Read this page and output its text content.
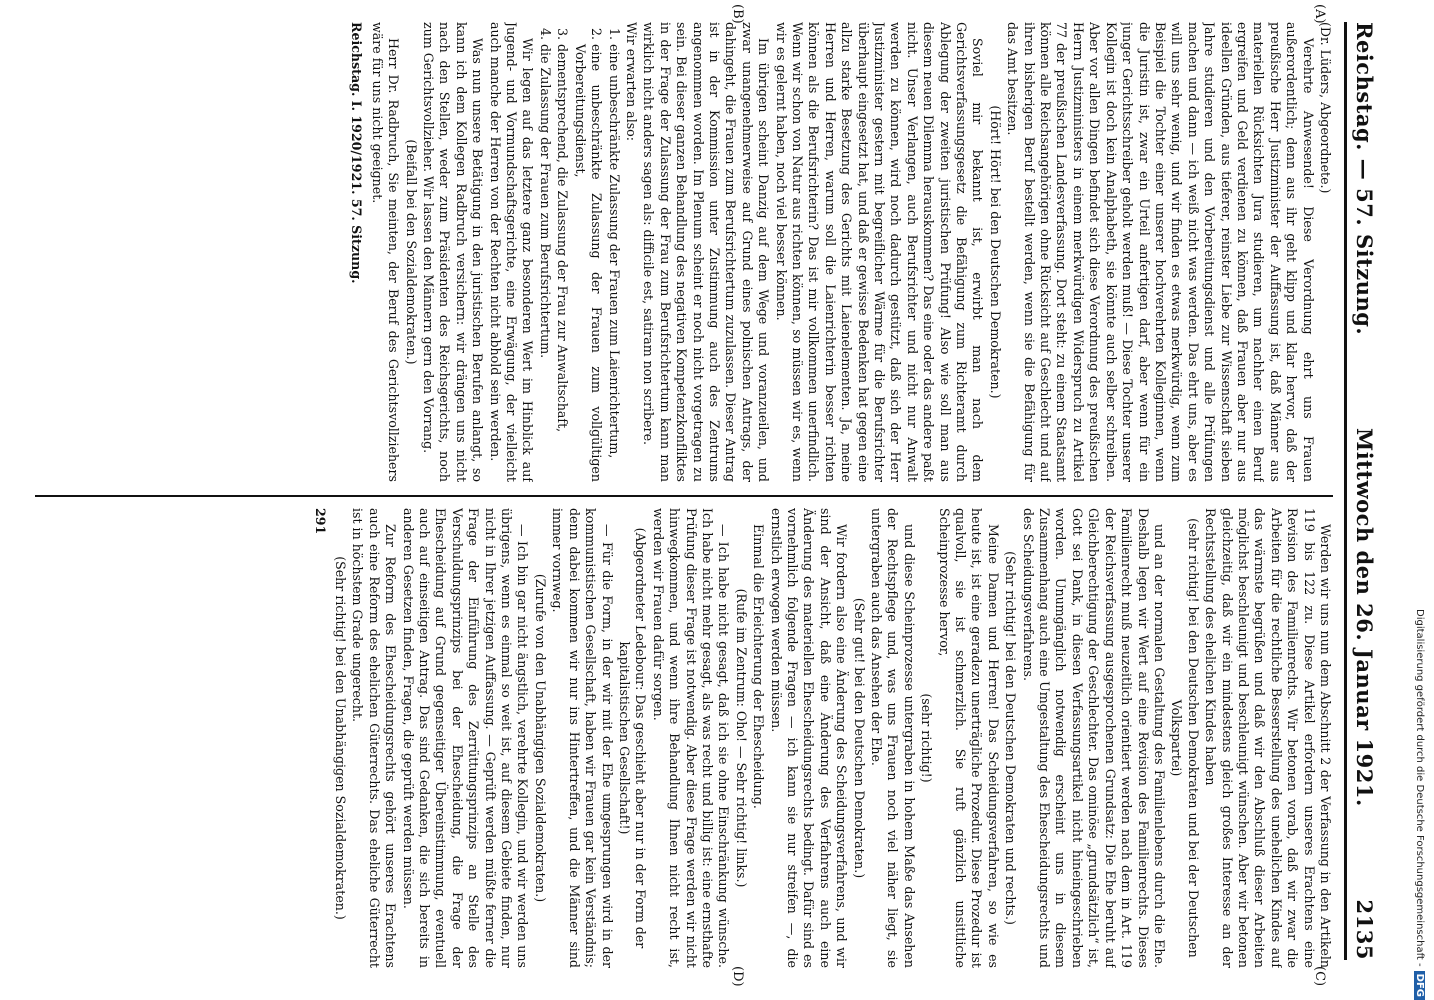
Digitalisierung gefördert durch die Deutsche Forschungsgemeinschaft -DFG
Reichstag. — 57. Sitzung.
Mittwoch den 26. Januar 1921.
2135
(A)
(B)
(C)
(D)

(Dr. Lüders, Abgeordnete.)

Verehrte Anwesende! Diese Verordnung ehrt uns Frauen außerordentlich; denn aus ihr geht klipp und klar hervor, daß der preußische Herr Justizminister der Auffassung ist, daß Männer aus materiellen Rücksichten Jura studieren, um nachher einen Beruf ergreifen und Geld verdienen zu können, daß Frauen aber nur aus ideellen Gründen, aus tieferer, reinster Liebe zur Wissenschaft sieben Jahre studieren und den Vorbereitungsdienst und alle Prüfungen machen und dann — ich weiß nicht was werden. Das ehrt uns, aber es will uns sehr wenig, und wir finden es etwas merkwürdig, wenn zum Beispiel die Tochter einer unserer hochverehrten Kolleginnen, wenn die Juristin ist, zwar ein Urteil anfertigen darf, aber wenn für ein junger Gerichtsschreiber geholt werden muß! — Diese Tochter unserer Kollegin ist doch kein Analphabeth, sie könnte auch selber schreiben. Aber vor allen Dingen befindet sich diese Verordnung des preußischen Herrn Justizministers in einem merkwürdigen Widerspruch zu Artikel 77 der preußischen Landesverfassung. Dort steht: zu einem Staatsamt können alle Reichsangehörigen ohne Rücksicht auf Geschlecht und auf ihren bisherigen Beruf bestellt werden, wenn sie die Befähigung für das Amt besitzen.

(Hört! Hört! bei den Deutschen Demokraten.)

Soviel mir bekannt ist, erwirbt man nach dem Gerichtsverfassungsgesetz die Befähigung zum Richteramt durch Ablegung der zweiten juristischen Prüfung! Also wie soll man aus diesem neuen Dilemma herauskommen? Das eine oder das andere paßt nicht. Unser Verlangen, auch Berufsrichter und nicht nur Anwalt werden zu können, wird noch dadurch gestützt, daß sich der Herr Justizminister gestern mit begreiflicher Wärme für die Berufsrichter überhaupt eingesetzt hat, und daß er gewisse Bedenken hat gegen eine allzu starke Besetzung des Gerichts mit Laienelementen. Ja, meine Herren und Herren, warum soll die Laienrichterin besser richten können als die Berufsrichterin? Das ist mir vollkommen unerfindlich. Wenn wir schon von Natur aus richten können, so müssen wir es, wenn wir es gelernt haben, noch viel besser können.

Im übrigen scheint Danzig auf dem Wege und voranzueilen, und zwar unangenehmerweise auf Grund eines polnischen Antrags, der dahingeht, die Frauen zum Berufsrichtertum zuzulassen. Dieser Antrag ist in der Kommission unter Zustimmung auch des Zentrums angenommen worden. Im Plenum scheint er noch nicht vorgetragen zu sein. Bei dieser ganzen Behandlung des negativen Kompetenzkonfliktes in der Frage der Zulassung der Frau zum Berufsrichtertum kann man wirklich nicht anders sagen als: difficile est, satiram non scribere.

Wir erwarten also:

1.
eine unbeschränkte Zulassung der Frauen zum Laienrichtertum,

2.
eine unbeschränkte Zulassung der Frauen zum vollgültigen Vorbereitungsdienst,

3.
dementsprechend, die Zulassung der Frau zur Anwaltschaft,

4.
die Zulassung der Frauen zum Berufsrichtertum.

Wir legen auf das letztere ganz besonderen Wert im Hinblick auf Jugend- und Vormundschaftsgerichte, eine Erwägung, der vielleicht auch manche der Herren von der Rechten nicht abhold sein werden.

Was nun unsere Betätigung in den juristischen Berufen anlangt, so kann ich dem Kollegen Radbruch versichern: wir drängen uns nicht nach den Stellen, weder zum Präsidenten des Reichsgerichts, noch zum Gerichtsvollzieher. Wir lassen den Männern gern den Vorrang.

(Beifall bei den Sozialdemokraten.)

Herr Dr. Radbruch, Sie meinten, der Beruf des Gerichtsvollziehers wäre für uns nicht geeignet.

Reichstag. I. 1920/1921. 57. Sitzung.

Werden wir uns nun dem Abschnitt 2 der Verfassung in den Artikeln 119 bis 122 zu. Diese Artikel erfordern unseres Erachtens eine Revision des Familienrechts. Wir betonen vorab, daß wir zwar die Arbeiten für die rechtliche Besserstellung des unehelichen Kindes auf das wärmste begrüßen und daß wir den Abschluß dieser Arbeiten möglichst beschleunigt und beschleunigt wünschen. Aber wir betonen gleichzeitig, daß wir ein mindestens gleich großes Interesse an der Rechtsstellung des ehelichen Kindes haben

(sehr richtig! bei den Deutschen Demokraten und bei der Deutschen Volkspartei)

und an der normalen Gestaltung des Familienlebens durch die Ehe. Deshalb legen wir Wert auf eine Revision des Familienrechts. Dieses Familienrecht muß neuzeitlich orientiert werden nach dem in Art. 119 der Reichsverfassung ausgesprochenen Grundsatz: Die Ehe beruht auf Gleichberechtigung der Geschlechter. Das ominöse „grundsätzlich“ ist, Gott sei Dank, in diesen Verfassungsartikel nicht hineingeschrieben worden. Unumgänglich notwendig erscheint uns in diesem Zusammenhang auch eine Umgestaltung des Ehescheidungsrechts und des Scheidungsverfahrens.

(Sehr richtig! bei den Deutschen Demokraten und rechts.)

Meine Damen und Herren! Das Scheidungsverfahren, so wie es heute ist, ist eine geradezu unerträgliche Prozedur. Diese Prozedur ist qualvoll, sie ist schmerzlich. Sie ruft gänzlich unsittliche Scheinprozesse hervor,

(sehr richtig!)

und diese Scheinprozesse untergraben in hohem Maße das Ansehen der Rechtspflege und, was uns Frauen noch viel näher liegt, sie untergraben auch das Ansehen der Ehe.

(Sehr gut! bei den Deutschen Demokraten.)

Wir fordern also eine Änderung des Scheidungsverfahrens, und wir sind der Ansicht, daß eine Änderung des Verfahrens auch eine Änderung des materiellen Ehescheidungsrechts bedingt. Dafür sind es vornehmlich folgende Fragen — ich kann sie nur streifen —, die ernstlich erwogen werden müssen.

Einmal die Erleichterung der Ehescheidung.

(Rufe im Zentrum: Oho! — Sehr richtig! links.)

— Ich habe nicht gesagt, daß ich sie ohne Einschränkung wünsche. Ich habe nicht mehr gesagt, als was recht und billig ist: eine ernsthafte Prüfung dieser Frage ist notwendig. Aber diese Frage werden wir nicht hinwegkommen, und wenn ihre Behandlung Ihnen nicht recht ist, werden wir Frauen dafür sorgen.

(Abgeordneter Ledebour: Das geschieht aber nur in der Form der kapitalistischen Gesellschaft!)

— Für die Form, in der wir mit der Ehe umgesprungen wird in der kommunistischen Gesellschaft, haben wir Frauen gar kein Verständnis; denn dabei kommen wir nur ins Hintertreffen, und die Männer sind immer vornweg.

(Zurufe von den Unabhängigen Sozialdemokraten.)

— Ich bin gar nicht ängstlich, verehrte Kollegin, und wir werden uns übrigens, wenn es einmal so weit ist, auf diesem Gebiete finden, nur nicht in Ihrer jetzigen Auffassung. — Geprüft werden müßte ferner die Frage der Einführung des Zerrüttungsprinzips an Stelle des Verschuldungsprinzips bei der Ehescheidung, die Frage der Ehescheidung auf Grund gegenseitiger Übereinstimmung, eventuell auch auf einseitigen Antrag. Das sind Gedanken, die sich bereits in anderen Gesetzen finden, Fragen, die geprüft werden müssen.

Zur Reform des Ehescheidungsrechts gehört unseres Erachtens auch eine Reform des ehelichen Güterrechts. Das eheliche Güterrecht ist in höchstem Grade ungerecht.

(Sehr richtig! bei den Unabhängigen Sozialdemokraten.)

291
